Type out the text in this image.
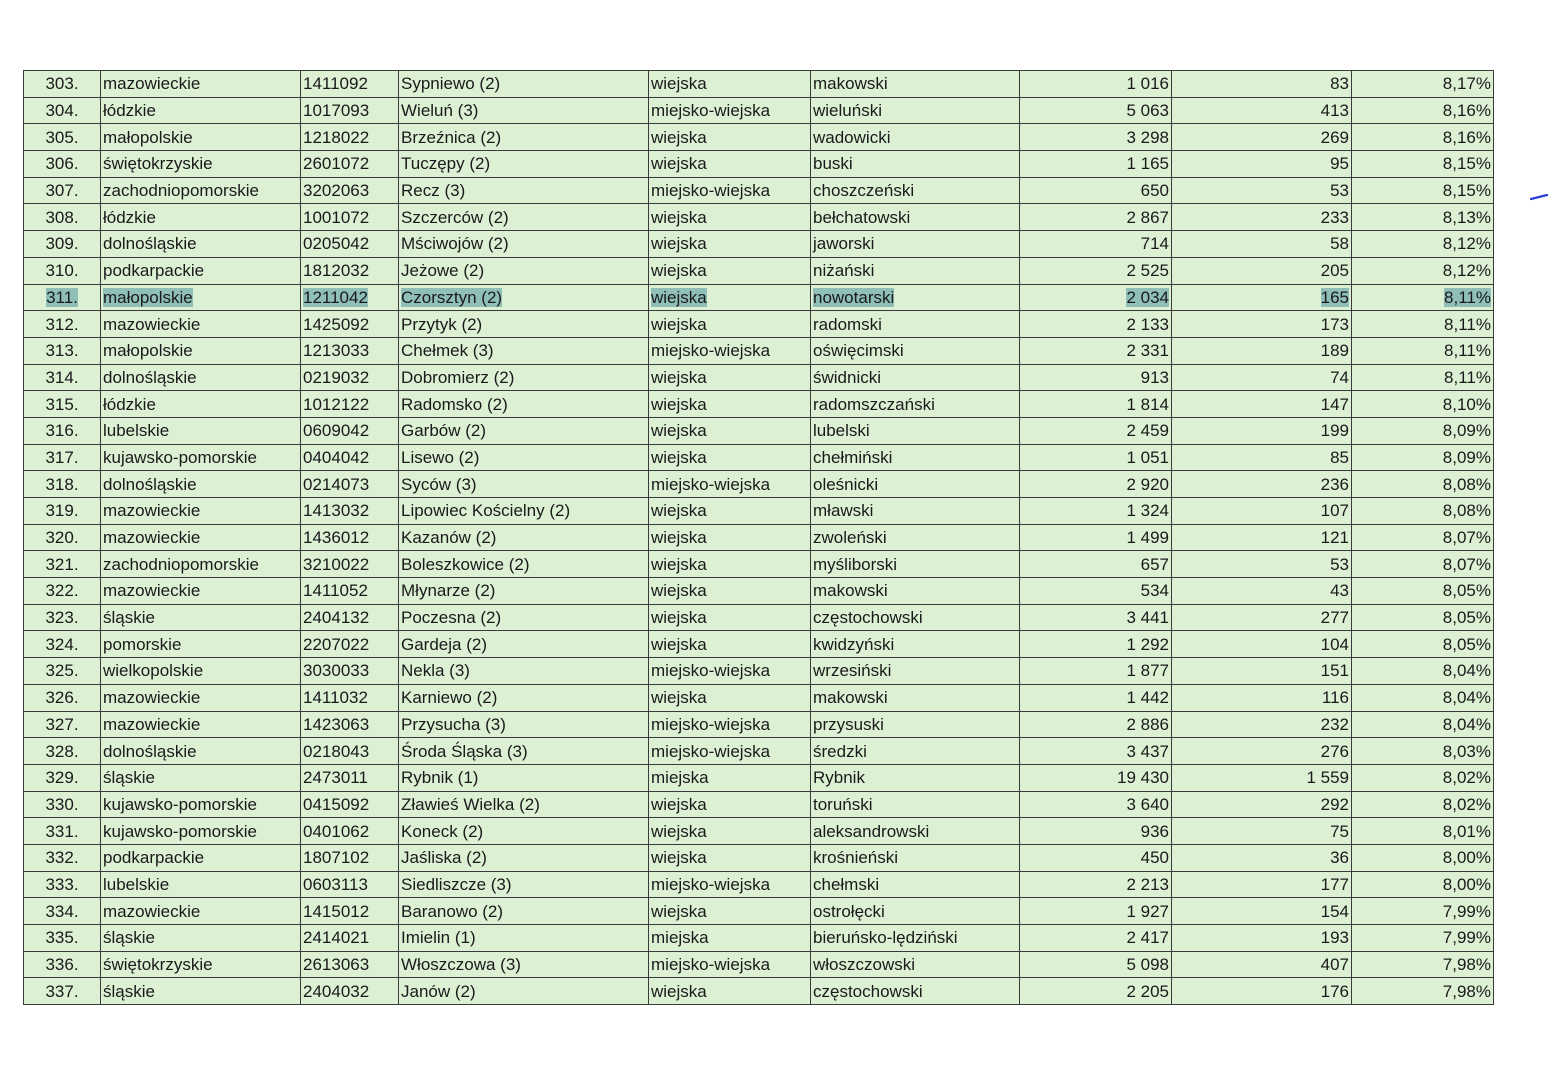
303.	mazowieckie	1411092	Sypniewo (2)	wiejska	makowski	1 016	83	8,17%
304.	łódzkie	1017093	Wieluń (3)	miejsko-wiejska	wieluński	5 063	413	8,16%
305.	małopolskie	1218022	Brzeźnica (2)	wiejska	wadowicki	3 298	269	8,16%
306.	świętokrzyskie	2601072	Tuczępy (2)	wiejska	buski	1 165	95	8,15%
307.	zachodniopomorskie	3202063	Recz (3)	miejsko-wiejska	choszczeński	650	53	8,15%
308.	łódzkie	1001072	Szczerców (2)	wiejska	bełchatowski	2 867	233	8,13%
309.	dolnośląskie	0205042	Mściwojów (2)	wiejska	jaworski	714	58	8,12%
310.	podkarpackie	1812032	Jeżowe (2)	wiejska	niżański	2 525	205	8,12%
311.	małopolskie	1211042	Czorsztyn (2)	wiejska	nowotarski	2 034	165	8,11%
312.	mazowieckie	1425092	Przytyk (2)	wiejska	radomski	2 133	173	8,11%
313.	małopolskie	1213033	Chełmek (3)	miejsko-wiejska	oświęcimski	2 331	189	8,11%
314.	dolnośląskie	0219032	Dobromierz (2)	wiejska	świdnicki	913	74	8,11%
315.	łódzkie	1012122	Radomsko (2)	wiejska	radomszczański	1 814	147	8,10%
316.	lubelskie	0609042	Garbów (2)	wiejska	lubelski	2 459	199	8,09%
317.	kujawsko-pomorskie	0404042	Lisewo (2)	wiejska	chełmiński	1 051	85	8,09%
318.	dolnośląskie	0214073	Syców (3)	miejsko-wiejska	oleśnicki	2 920	236	8,08%
319.	mazowieckie	1413032	Lipowiec Kościelny (2)	wiejska	mławski	1 324	107	8,08%
320.	mazowieckie	1436012	Kazanów (2)	wiejska	zwoleński	1 499	121	8,07%
321.	zachodniopomorskie	3210022	Boleszkowice (2)	wiejska	myśliborski	657	53	8,07%
322.	mazowieckie	1411052	Młynarze (2)	wiejska	makowski	534	43	8,05%
323.	śląskie	2404132	Poczesna (2)	wiejska	częstochowski	3 441	277	8,05%
324.	pomorskie	2207022	Gardeja (2)	wiejska	kwidzyński	1 292	104	8,05%
325.	wielkopolskie	3030033	Nekla (3)	miejsko-wiejska	wrzesiński	1 877	151	8,04%
326.	mazowieckie	1411032	Karniewo (2)	wiejska	makowski	1 442	116	8,04%
327.	mazowieckie	1423063	Przysucha (3)	miejsko-wiejska	przysuski	2 886	232	8,04%
328.	dolnośląskie	0218043	Środa Śląska (3)	miejsko-wiejska	średzki	3 437	276	8,03%
329.	śląskie	2473011	Rybnik (1)	miejska	Rybnik	19 430	1 559	8,02%
330.	kujawsko-pomorskie	0415092	Zławieś Wielka (2)	wiejska	toruński	3 640	292	8,02%
331.	kujawsko-pomorskie	0401062	Koneck (2)	wiejska	aleksandrowski	936	75	8,01%
332.	podkarpackie	1807102	Jaśliska (2)	wiejska	krośnieński	450	36	8,00%
333.	lubelskie	0603113	Siedliszcze (3)	miejsko-wiejska	chełmski	2 213	177	8,00%
334.	mazowieckie	1415012	Baranowo (2)	wiejska	ostrołęcki	1 927	154	7,99%
335.	śląskie	2414021	Imielin (1)	miejska	bieruńsko-lędziński	2 417	193	7,99%
336.	świętokrzyskie	2613063	Włoszczowa (3)	miejsko-wiejska	włoszczowski	5 098	407	7,98%
337.	śląskie	2404032	Janów (2)	wiejska	częstochowski	2 205	176	7,98%
